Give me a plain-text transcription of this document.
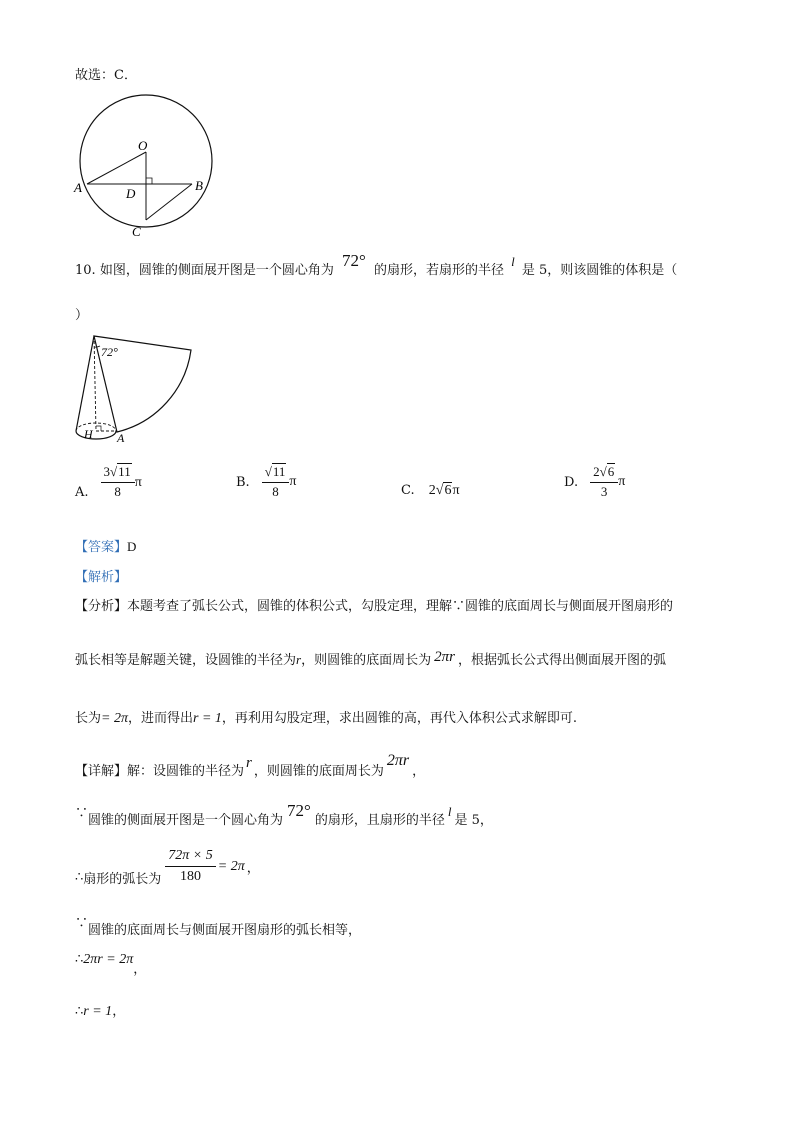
故选：C．
O
A	B
D
C
10. 如图，圆锥的侧面展开图是一个圆心角为 72° 的扇形，若扇形的半径 l 是 5，则该圆锥的体积是（
）
72°
H A
A. $\frac{3√11}{8}$ π	B. $\frac{√11}{8}$ π
C. 2√6π
D. $\frac{2√6}{3}$ π
【答案】D
【解析】
【分析】本题考查了弧长公式，圆锥的体积公式，勾股定理，理解∵圆锥的底面周长与侧面展开图扇形的
弧长相等是解题关键，设圆锥的半径为r，则圆锥的底面周长为 2πr ，根据弧长公式得出侧面展开图的弧
长为= 2π，进而得出r = 1，再利用勾股定理，求出圆锥的高，再代入体积公式求解即可.
【详解】解：设圆锥的半径为r，则圆锥的底面周长为2πr，
∵圆锥的侧面展开图是一个圆心角为72°的扇形，且扇形的半径l是 5，
∴ 扇形的弧长为 $\frac{72\pi \times 5}{180} = 2\pi$ ，
∵圆锥的底面周长与侧面展开图扇形的弧长相等，
∴2πr = 2π，
∴r = 1，
